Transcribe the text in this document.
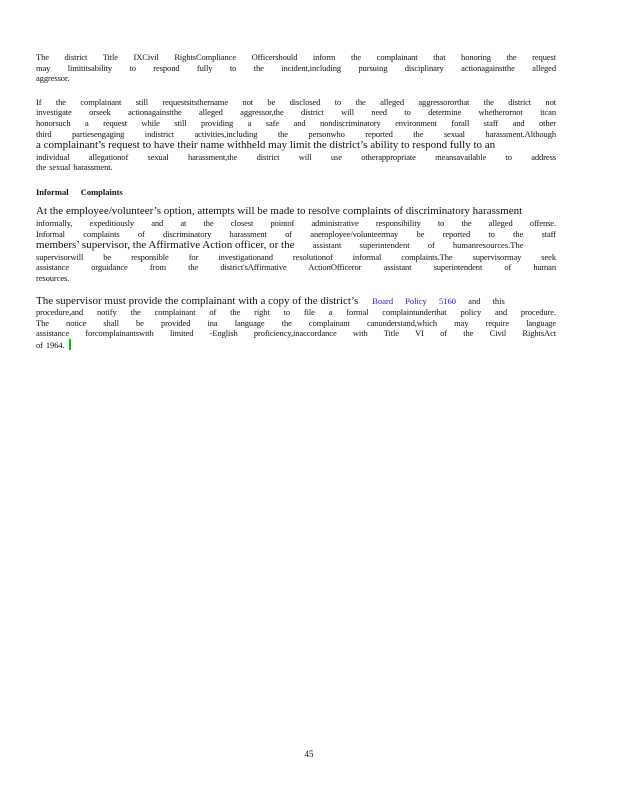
The district Title IXCivil RightsCompliance Officershould inform the complainant that honoring the request

may limititsability to respond fully to the incident,including pursuing disciplinary actionagainstthe alleged

aggressor.

If the complainant still requestsitsthername not be disclosed to the alleged aggressororthat the district not

investigate orseek actionagainstthe alleged aggressor,the district will need to determine whetherornot itcan

honorsuch a request while still providing a safe and nondiscriminatory environment forall staff and other

third partiesengaging indistrict activities,including the personwho reported the sexual harassment.Although

a complainant’s request to have their name withheld may limit the district’s ability to respond fully to an

individual allegationof sexual harassment,the district will use otherappropriate meansavailable to address

the sexual harassment.

Informal Complaints

At the employee/volunteer’s option, attempts will be made to resolve complaints of discriminatory harassment

informally, expeditiously and at the closest pointof administrative responsibility to the alleged offense.

Informal complaints of discriminatory harassment of anemployee/volunteermay be reported to the staff

members’ supervisor, the Affirmative Action officer, or the assistant superintendent of humanresources.The

supervisorwill be responsible for investigationand resolutionof informal complaints.The supervisormay seek

assistance orguidance from the district'sAffirmative ActionOfficeror assistant superintendent of human

resources.

The supervisor must provide the complainant with a copy of the district’s Board Policy 5160 and this

procedure,and notify the complainant of the right to file a formal complaintunderthat policy and procedure.

The notice shall be provided ina language the complainant canunderstand,which may require language

assistance forcomplainantswith limited -English proficiency,inaccordance with Title VI of the Civil RightsAct

of 1964.

45
